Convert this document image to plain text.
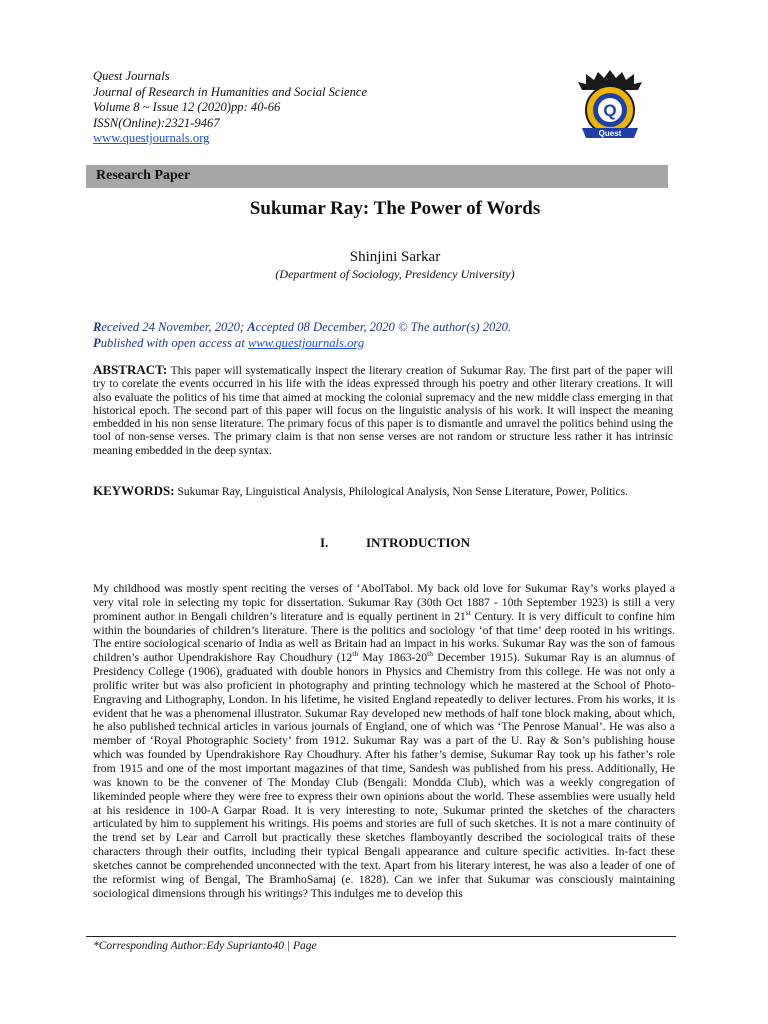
Quest Journals
Journal of Research in Humanities and Social Science
Volume 8 ~ Issue 12 (2020)pp: 40-66
ISSN(Online):2321-9467
www.questjournals.org
Q
Quest
Research Paper
Sukumar Ray: The Power of Words
Shinjini Sarkar
(Department of Sociology, Presidency University)
Received 24 November, 2020; Accepted 08 December, 2020 © The author(s) 2020.
Published with open access at www.questjournals.org
ABSTRACT: This paper will systematically inspect the literary creation of Sukumar Ray. The first part of the paper will try to corelate the events occurred in his life with the ideas expressed through his poetry and other literary creations. It will also evaluate the politics of his time that aimed at mocking the colonial supremacy and the new middle class emerging in that historical epoch. The second part of this paper will focus on the linguistic analysis of his work. It will inspect the meaning embedded in his non sense literature. The primary focus of this paper is to dismantle and unravel the politics behind using the tool of non-sense verses. The primary claim is that non sense verses are not random or structure less rather it has intrinsic meaning embedded in the deep syntax.
KEYWORDS: Sukumar Ray, Linguistical Analysis, Philological Analysis, Non Sense Literature, Power, Politics.
I.	INTRODUCTION
My childhood was mostly spent reciting the verses of ‘AbolTabol. My back old love for Sukumar Ray’s works played a very vital role in selecting my topic for dissertation. Sukumar Ray (30th Oct 1887 - 10th September 1923) is still a very prominent author in Bengali children’s literature and is equally pertinent in 21st Century. It is very difficult to confine him within the boundaries of children’s literature. There is the politics and sociology ‘of that time’ deep rooted in his writings. The entire sociological scenario of India as well as Britain had an impact in his works. Sukumar Ray was the son of famous children’s author Upendrakishore Ray Choudhury (12th May 1863-20th December 1915). Sukumar Ray is an alumnus of Presidency College (1906), graduated with double honors in Physics and Chemistry from this college. He was not only a prolific writer but was also proficient in photography and printing technology which he mastered at the School of Photo-Engraving and Lithography, London. In his lifetime, he visited England repeatedly to deliver lectures. From his works, it is evident that he was a phenomenal illustrator. Sukumar Ray developed new methods of half tone block making, about which, he also published technical articles in various journals of England, one of which was ‘The Penrose Manual’. He was also a member of ‘Royal Photographic Society’ from 1912. Sukumar Ray was a part of the U. Ray & Son’s publishing house which was founded by Upendrakishore Ray Choudhury. After his father’s demise, Sukumar Ray took up his father’s role from 1915 and one of the most important magazines of that time, Sandesh was published from his press. Additionally, He was known to be the convener of The Monday Club (Bengali: Mondda Club), which was a weekly congregation of likeminded people where they were free to express their own opinions about the world. These assemblies were usually held at his residence in 100-A Garpar Road. It is very interesting to note, Sukumar printed the sketches of the characters articulated by him to supplement his writings. His poems and stories are full of such sketches. It is not a mare continuity of the trend set by Lear and Carroll but practically these sketches flamboyantly described the sociological traits of these characters through their outfits, including their typical Bengali appearance and culture specific activities. In-fact these sketches cannot be comprehended unconnected with the text. Apart from his literary interest, he was also a leader of one of the reformist wing of Bengal, The BramhoSamaj (e. 1828). Can we infer that Sukumar was consciously maintaining sociological dimensions through his writings? This indulges me to develop this
*Corresponding Author:Edy Suprianto40 | Page
